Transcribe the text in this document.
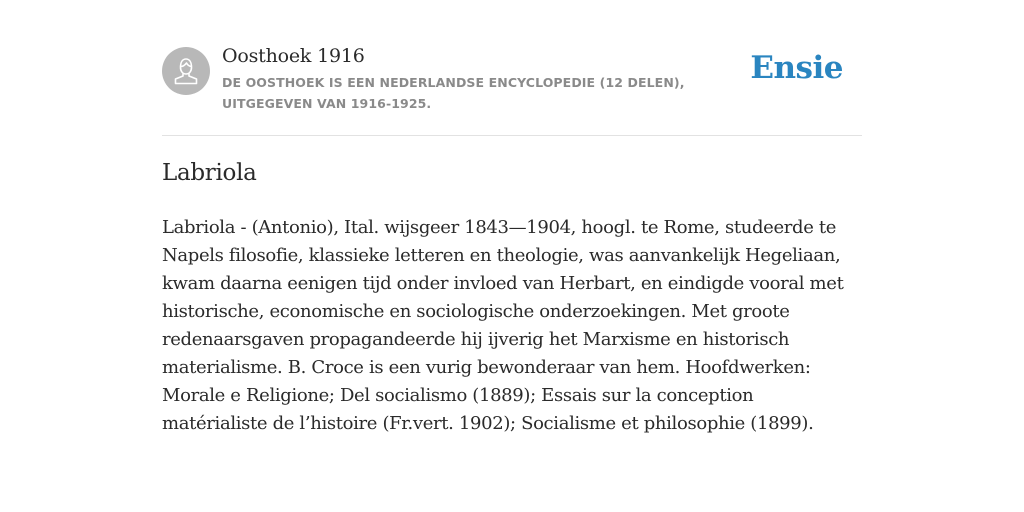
Oosthoek 1916

DE OOSTHOEK IS EEN NEDERLANDSE ENCYCLOPEDIE (12 DELEN), UITGEGEVEN VAN 1916-1925.

Ensie
Labriola

Labriola - (Antonio), Ital. wijsgeer 1843—1904, hoogl. te Rome, studeerde te Napels filosofie, klassieke letteren en theologie, was aanvankelijk Hegeliaan, kwam daarna eenigen tijd onder invloed van Herbart, en eindigde vooral met historische, economische en sociologische onderzoekingen. Met groote redenaarsgaven propagandeerde hij ijverig het Marxisme en historisch materialisme. B. Croce is een vurig bewonderaar van hem. Hoofdwerken: Morale e Religione; Del socialismo (1889); Essais sur la conception matérialiste de l’histoire (Fr.vert. 1902); Socialisme et philosophie (1899).
